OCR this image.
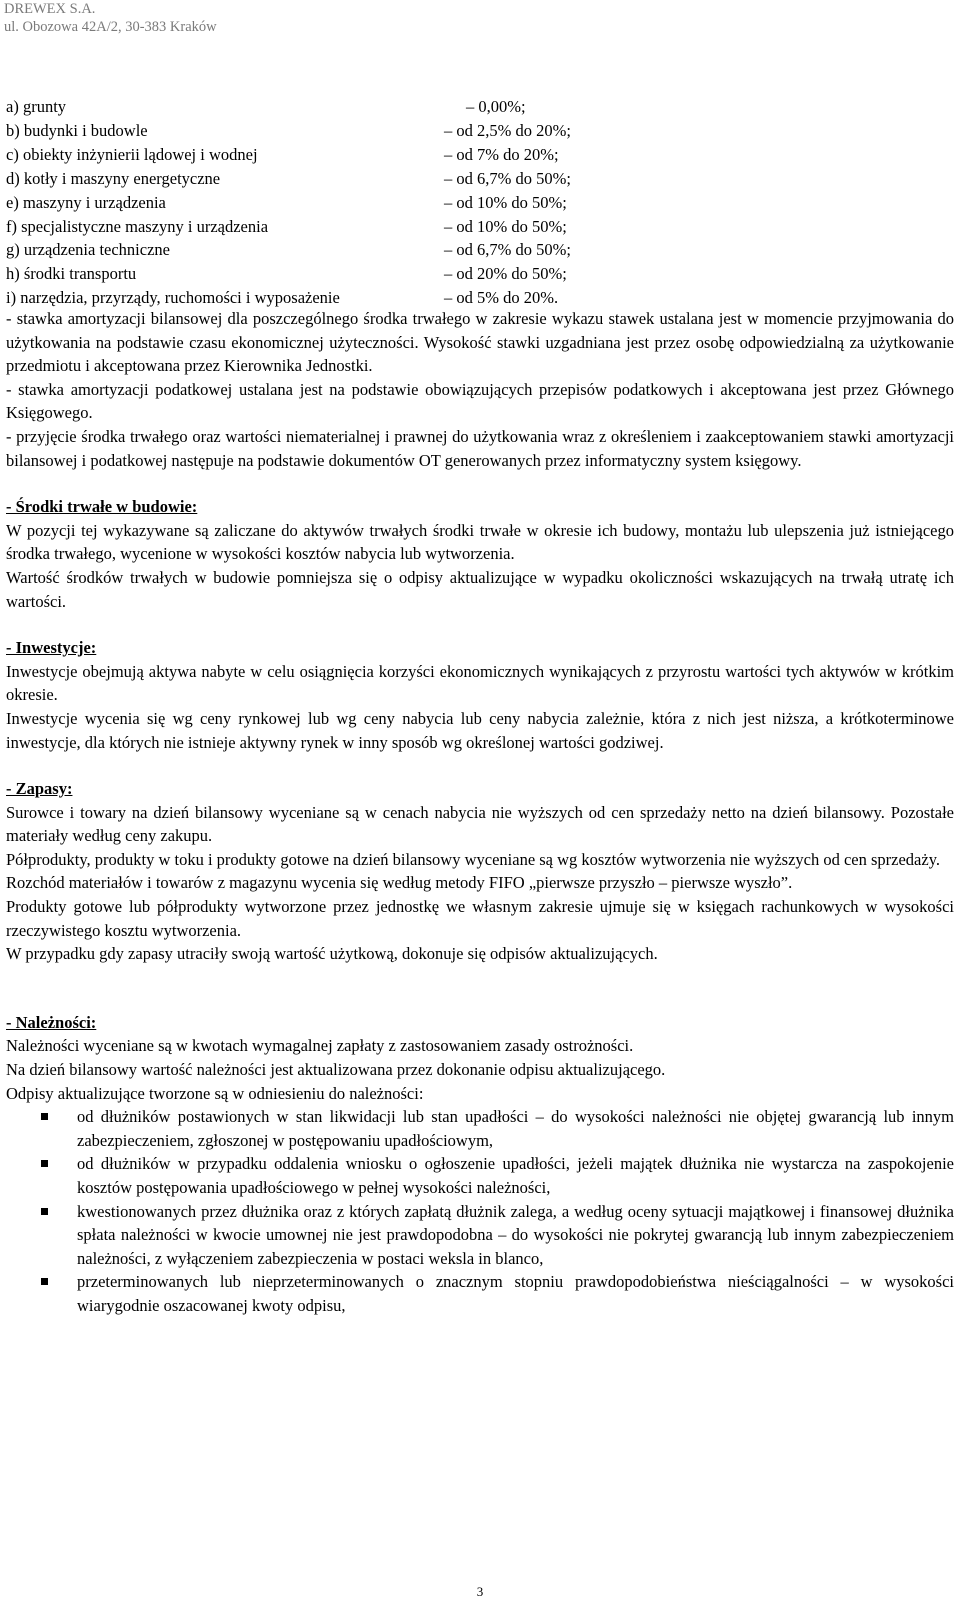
DREWEX S.A.
ul. Obozowa 42A/2, 30-383 Kraków
a) grunty	– 0,00%;
b) budynki i budowle	– od 2,5% do 20%;
c) obiekty inżynierii lądowej i wodnej	– od 7% do 20%;
d) kotły i maszyny energetyczne	– od 6,7% do 50%;
e) maszyny i urządzenia	– od 10% do 50%;
f) specjalistyczne maszyny i urządzenia	– od 10% do 50%;
g) urządzenia techniczne	– od 6,7% do 50%;
h) środki transportu	– od 20% do 50%;
i) narzędzia, przyrządy, ruchomości i wyposażenie	– od 5% do 20%.

- stawka amortyzacji bilansowej dla poszczególnego środka trwałego w zakresie wykazu stawek ustalana jest w momencie przyjmowania do użytkowania na podstawie czasu ekonomicznej użyteczności. Wysokość stawki uzgadniana jest przez osobę odpowiedzialną za użytkowanie przedmiotu i akceptowana przez Kierownika Jednostki.

- stawka amortyzacji podatkowej ustalana jest na podstawie obowiązujących przepisów podatkowych i akceptowana jest przez Głównego Księgowego.

- przyjęcie środka trwałego oraz wartości niematerialnej i prawnej do użytkowania wraz z określeniem i zaakceptowaniem stawki amortyzacji bilansowej i podatkowej następuje na podstawie dokumentów OT generowanych przez informatyczny system księgowy.

- Środki trwałe w budowie:

W pozycji tej wykazywane są zaliczane do aktywów trwałych środki trwałe w okresie ich budowy, montażu lub ulepszenia już istniejącego środka trwałego, wycenione w wysokości kosztów nabycia lub wytworzenia.

Wartość środków trwałych w budowie pomniejsza się o odpisy aktualizujące w wypadku okoliczności wskazujących na trwałą utratę ich wartości.

- Inwestycje:

Inwestycje obejmują aktywa nabyte w celu osiągnięcia korzyści ekonomicznych wynikających z przyrostu wartości tych aktywów w krótkim okresie.

Inwestycje wycenia się wg ceny rynkowej lub wg ceny nabycia lub ceny nabycia zależnie, która z nich jest niższa, a krótkoterminowe inwestycje, dla których nie istnieje aktywny rynek w inny sposób wg określonej wartości godziwej.

- Zapasy:

Surowce i towary na dzień bilansowy wyceniane są w cenach nabycia nie wyższych od cen sprzedaży netto na dzień bilansowy. Pozostałe materiały według ceny zakupu.

Półprodukty, produkty w toku i produkty gotowe na dzień bilansowy wyceniane są wg kosztów wytworzenia nie wyższych od cen sprzedaży.

Rozchód materiałów i towarów z magazynu wycenia się według metody FIFO „pierwsze przyszło – pierwsze wyszło”.

Produkty gotowe lub półprodukty wytworzone przez jednostkę we własnym zakresie ujmuje się w księgach rachunkowych w wysokości rzeczywistego kosztu wytworzenia.

W przypadku gdy zapasy utraciły swoją wartość użytkową, dokonuje się odpisów aktualizujących.

- Należności:

Należności wyceniane są w kwotach wymagalnej zapłaty z zastosowaniem zasady ostrożności.

Na dzień bilansowy wartość należności jest aktualizowana przez dokonanie odpisu aktualizującego.

Odpisy aktualizujące tworzone są w odniesieniu do należności:

od dłużników postawionych w stan likwidacji lub stan upadłości – do wysokości należności nie objętej gwarancją lub innym zabezpieczeniem, zgłoszonej w postępowaniu upadłościowym,
od dłużników w przypadku oddalenia wniosku o ogłoszenie upadłości, jeżeli majątek dłużnika nie wystarcza na zaspokojenie kosztów postępowania upadłościowego w pełnej wysokości należności,
kwestionowanych przez dłużnika oraz z których zapłatą dłużnik zalega, a według oceny sytuacji majątkowej i finansowej dłużnika spłata należności w kwocie umownej nie jest prawdopodobna – do wysokości nie pokrytej gwarancją lub innym zabezpieczeniem należności, z wyłączeniem zabezpieczenia w postaci weksla in blanco,
przeterminowanych lub nieprzeterminowanych o znacznym stopniu prawdopodobieństwa nieściągalności – w wysokości wiarygodnie oszacowanej kwoty odpisu,
3
